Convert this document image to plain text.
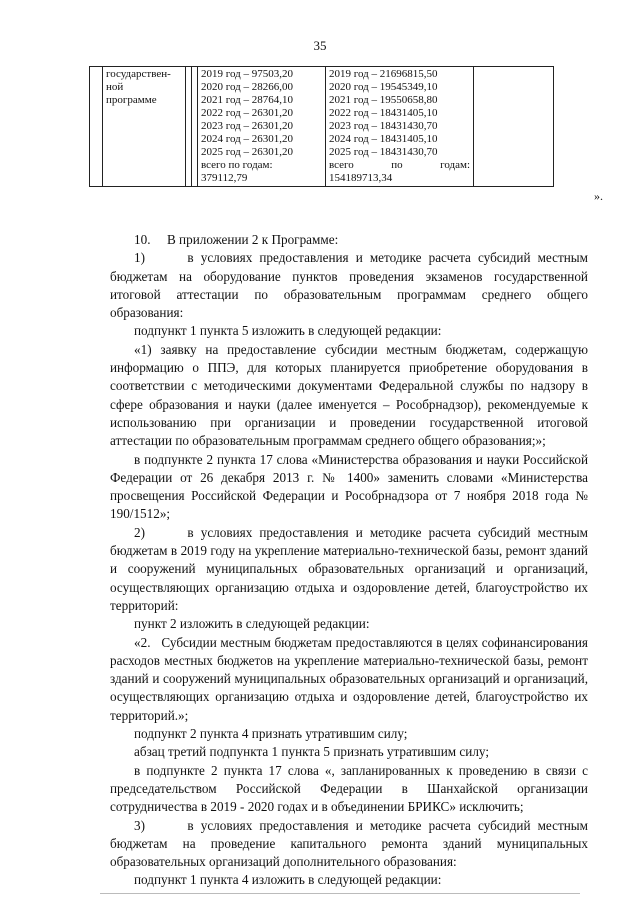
35

государствен-
ной
программе

2019 год – 97503,20
2020 год – 28266,00
2021 год – 28764,10
2022 год – 26301,20
2023 год – 26301,20
2024 год – 26301,20
2025 год – 26301,20
всего по годам:
379112,79

2019 год – 21696815,50
2020 год – 19545349,10
2021 год – 19550658,80
2022 год – 18431405,10
2023 год – 18431430,70
2024 год – 18431405,10
2025 год – 18431430,70
всего	по	годам:
154189713,34

».

10.     В приложении 2 к Программе:

1)      в условиях предоставления и методике расчета субсидий местным бюджетам на оборудование пунктов проведения экзаменов государственной итоговой аттестации по образовательным программам среднего общего образования:

подпункт 1 пункта 5 изложить в следующей редакции:

«1) заявку на предоставление субсидии местным бюджетам, содержащую информацию о ППЭ, для которых планируется приобретение оборудования в соответствии с методическими документами Федеральной службы по надзору в сфере образования и науки (далее именуется – Рособрнадзор), рекомендуемые к использованию при организации и проведении государственной итоговой аттестации по образовательным программам среднего общего образования;»;

в подпункте 2 пункта 17 слова «Министерства образования и науки Российской Федерации от 26 декабря 2013 г. № 1400» заменить словами «Министерства просвещения Российской Федерации и Рособрнадзора от 7 ноября 2018 года № 190/1512»;

2)      в условиях предоставления и методике расчета субсидий местным бюджетам в 2019 году на укрепление материально-технической базы, ремонт зданий и сооружений муниципальных образовательных организаций и организаций, осуществляющих организацию отдыха и оздоровление детей, благоустройство их территорий:

пункт 2 изложить в следующей редакции:

«2.   Субсидии местным бюджетам предоставляются в целях софинансирования расходов местных бюджетов на укрепление материально-технической базы, ремонт зданий и сооружений муниципальных образовательных организаций и организаций, осуществляющих организацию отдыха и оздоровление детей, благоустройство их территорий.»;

подпункт 2 пункта 4 признать утратившим силу;

абзац третий подпункта 1 пункта 5 признать утратившим силу;

в подпункте 2 пункта 17 слова «, запланированных к проведению в связи с председательством Российской Федерации в Шанхайской организации сотрудничества в 2019 - 2020 годах и в объединении БРИКС» исключить;

3)      в условиях предоставления и методике расчета субсидий местным бюджетам на проведение капитального ремонта зданий муниципальных образовательных организаций дополнительного образования:

подпункт 1 пункта 4 изложить в следующей редакции:
